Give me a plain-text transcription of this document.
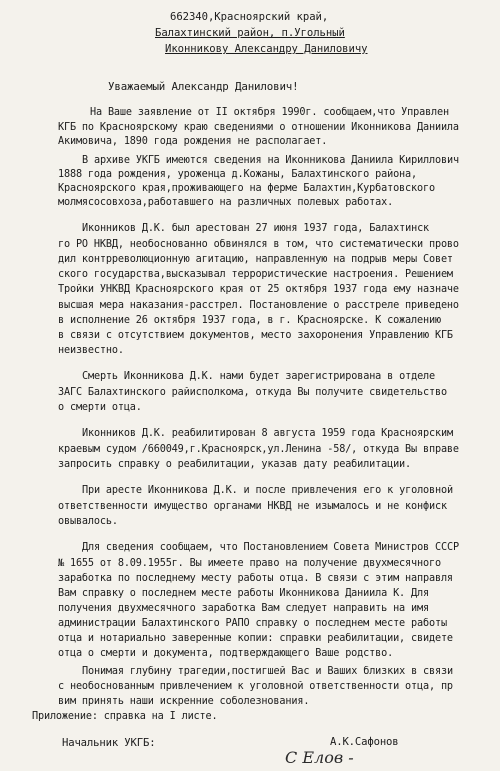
662340,Красноярский край,
Балахтинский район, п.Угольный
Иконникову Александру Даниловичу
Уважаемый Александр Данилович!
На Ваше заявление от II октября 1990г. сообщаем,что Управлен
КГБ по Красноярскому краю сведениями о отношении Иконникова Даниила
Акимовича, 1890 года рождения не располагает.
В архиве УКГБ имеются сведения на Иконникова Даниила Кириллович
1888 года рождения, уроженца д.Кожаны, Балахтинского района,
Красноярского края,проживающего на ферме Балахтин,Курбатовского
молмясосовхоза,работавшего на различных полевых работах.
Иконников Д.К. был арестован 27 июня 1937 года, Балахтинск
го РО НКВД, необоснованно обвинялся в том, что систематически прово
дил контрреволюционную агитацию, направленную на подрыв меры Совет
ского государства,высказывал террористические настроения. Решением
Тройки УНКВД Красноярского края от 25 октября 1937 года ему назначе
высшая мера наказания-расстрел. Постановление о расстреле приведено
в исполнение 26 октября 1937 года, в г. Красноярске. К сожалению
в связи с отсутствием документов, место захоронения Управлению КГБ
неизвестно.
Смерть Иконникова Д.К. нами будет зарегистрирована в отделе
ЗАГС Балахтинского райисполкома, откуда Вы получите свидетельство
о смерти отца.
Иконников Д.К. реабилитирован 8 августа 1959 года Красноярским
краевым судом /660049,г.Красноярск,ул.Ленина -58/, откуда Вы вправе
запросить справку о реабилитации, указав дату реабилитации.
При аресте Иконникова Д.К. и после привлечения его к уголовной
ответственности имущество органами НКВД не изымалось и не конфиск
овывалось.
Для сведения сообщаем, что Постановлением Совета Министров СССР
№ 1655 от 8.09.1955г. Вы имеете право на получение двухмесячного
заработка по последнему месту работы отца. В связи с этим направля
Вам справку о последнем месте работы Иконникова Даниила К. Для
получения двухмесячного заработка Вам следует направить на имя
администрации Балахтинского РАПО справку о последнем месте работы
отца и нотариально заверенные копии: справки реабилитации, свидете
отца о смерти и документа, подтверждающего Ваше родство.
Понимая глубину трагедии,постигшей Вас и Ваших близких в связи
с необоснованным привлечением к уголовной ответственности отца, пр
вим принять наши искренние соболезнования.
Приложение: справка на I листе.
Начальник УКГБ:	А.К.Сафонов
С Елов -
